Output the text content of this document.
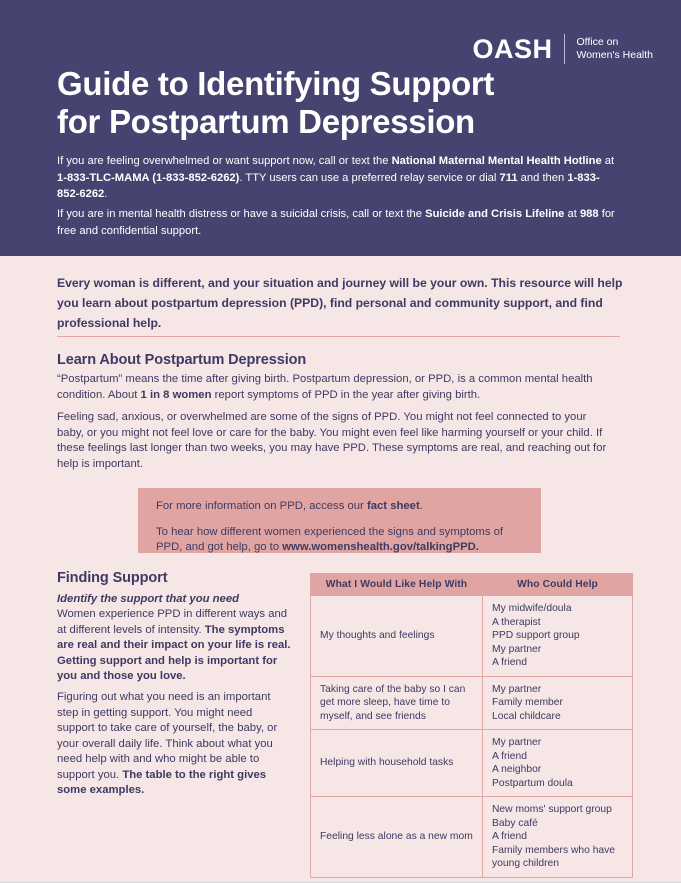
OASH Office on
Women's Health
Guide to Identifying Support
for Postpartum Depression
If you are feeling overwhelmed or want support now, call or text the National Maternal Mental Health Hotline at 1-833-TLC-MAMA (1-833-852-6262). TTY users can use a preferred relay service or dial 711 and then 1-833-852-6262.
If you are in mental health distress or have a suicidal crisis, call or text the Suicide and Crisis Lifeline at 988 for free and confidential support.
Every woman is different, and your situation and journey will be your own. This resource will help you learn about postpartum depression (PPD), find personal and community support, and find professional help.
Learn About Postpartum Depression
“Postpartum” means the time after giving birth. Postpartum depression, or PPD, is a common mental health condition. About 1 in 8 women report symptoms of PPD in the year after giving birth.
Feeling sad, anxious, or overwhelmed are some of the signs of PPD. You might not feel connected to your baby, or you might not feel love or care for the baby. You might even feel like harming yourself or your child. If these feelings last longer than two weeks, you may have PPD. These symptoms are real, and reaching out for help is important.

For more information on PPD, access our fact sheet.

To hear how different women experienced the signs and symptoms of PPD, and got help, go to www.womenshealth.gov/talkingPPD.

Finding Support
Identify the support that you need
Women experience PPD in different ways and at different levels of intensity. The symptoms are real and their impact on your life is real. Getting support and help is important for you and those you love.
Figuring out what you need is an important step in getting support. You might need support to take care of yourself, the baby, or your overall daily life. Think about what you need help with and who might be able to support you. The table to the right gives some examples.
What I Would Like Help With	Who Could Help
My thoughts and feelings	My midwife/doula
A therapist
PPD support group
My partner
A friend

Taking care of the baby so I can get more sleep, have time to myself, and see friends	My partner
Family member
Local childcare

Helping with household tasks	My partner
A friend
A neighbor
Postpartum doula

Feeling less alone as a new mom	New moms' support group
Baby café
A friend
Family members who have young children
